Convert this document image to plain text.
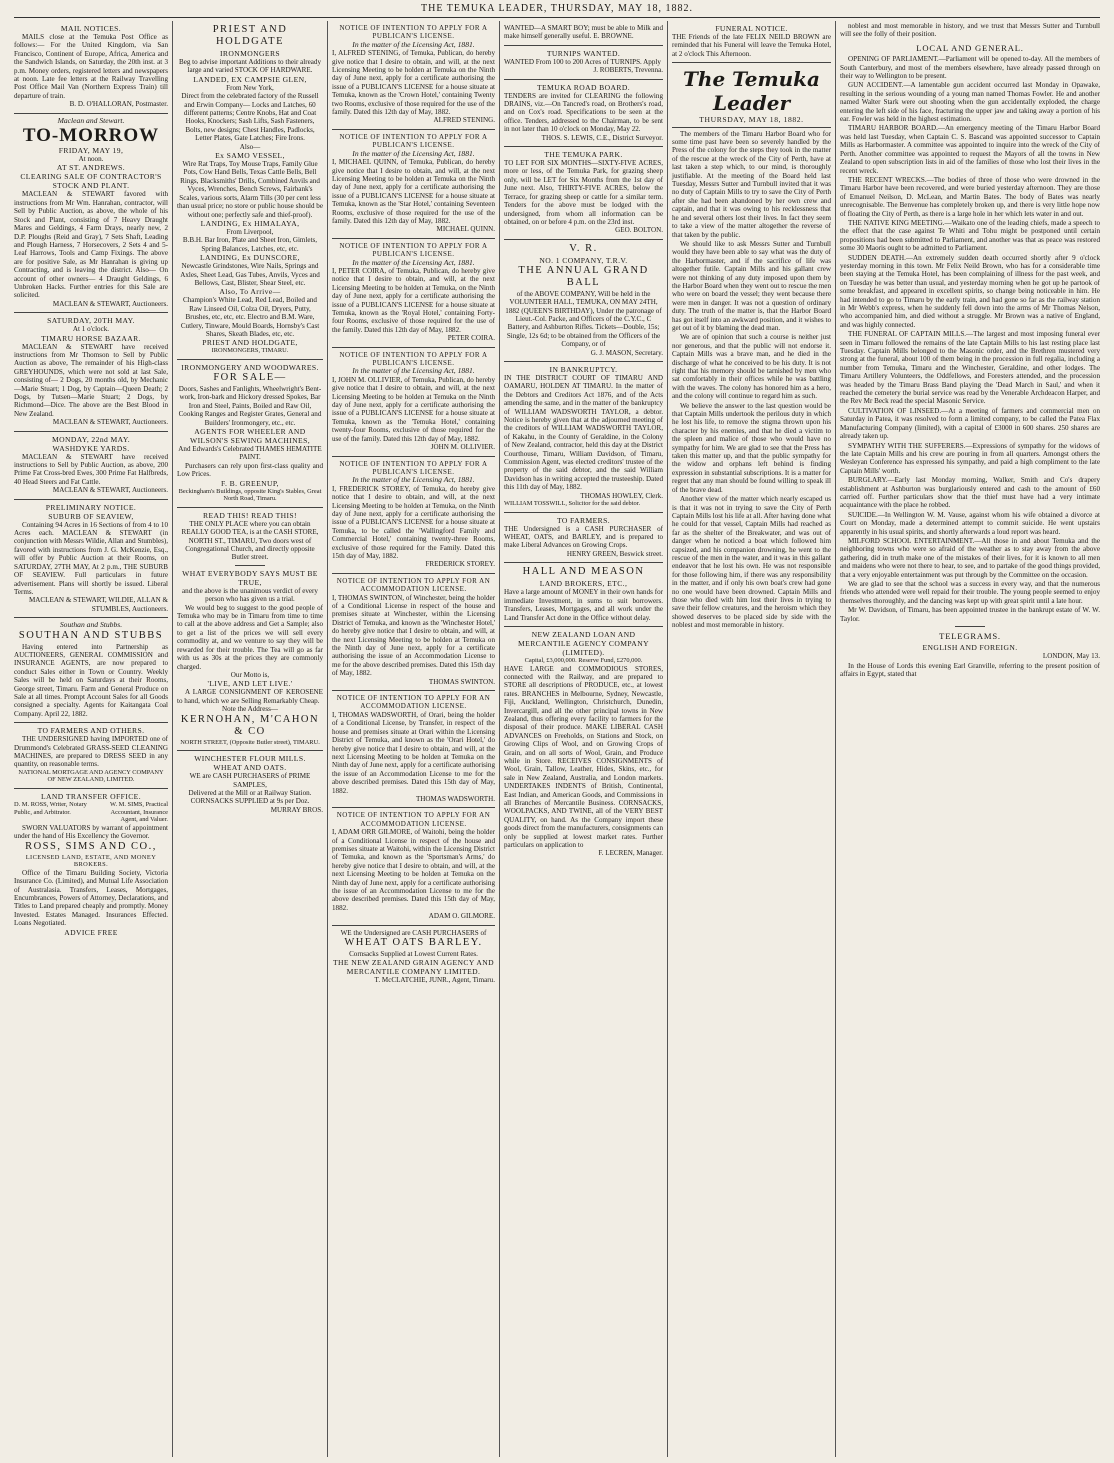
THE TEMUKA LEADER, THURSDAY, MAY 18, 1882.
MAIL NOTICES.
MAILS close at the Temuka Post Office as follows:— For the United Kingdom, via San Francisco, Continent of Europe, Africa, America and the Sandwich Islands, on Saturday, the 20th inst. at 3 p.m. Money orders, registered letters and newspapers at noon. Late fee letters at the Railway Travelling Post Office Mail Van (Northern Express Train) till departure of train.
B. D. O'HALLORAN, Postmaster.
Maclean and Stewart.
TO-MORROW
FRIDAY, MAY 19,
At noon.
AT ST. ANDREWS.
CLEARING SALE OF CONTRACTOR'S STOCK AND PLANT.
MACLEAN & STEWART favored with instructions from Mr Wm. Hanrahan, contractor, will Sell by Public Auction, as above, the whole of his Stock and Plant, consisting of 7 Heavy Draught Mares and Geldings, 4 Farm Drays, nearly new, 2 D.P. Ploughs (Reid and Gray), 7 Sets Shaft, Leading and Plough Harness, 7 Horsecovers, 2 Sets 4 and 5-Leaf Harrows, Tools and Camp Fixings. The above are for positive Sale, as Mr Hanrahan is giving up Contracting, and is leaving the district. Also— On account of other owners— 4 Draught Geldings, 6 Unbroken Hacks. Further entries for this Sale are solicited.
MACLEAN & STEWART, Auctioneers.
SATURDAY, 20TH MAY.
At 1 o'clock.
TIMARU HORSE BAZAAR.
MACLEAN & STEWART have received instructions from Mr Thomson to Sell by Public Auction as above, The remainder of his High-class GREYHOUNDS, which were not sold at last Sale, consisting of— 2 Dogs, 20 months old, by Mechanic—Marie Stuart; 1 Dog, by Captain—Queen Death; 2 Dogs, by Tutsen—Marie Stuart; 2 Dogs, by Richmond—Dice. The above are the Best Blood in New Zealand.
MACLEAN & STEWART, Auctioneers.
MONDAY, 22nd MAY.
WASHDYKE YARDS.
MACLEAN & STEWART have received instructions to Sell by Public Auction, as above, 200 Prime Fat Cross-bred Ewes, 300 Prime Fat Halfbreds, 40 Head Steers and Fat Cattle.
MACLEAN & STEWART, Auctioneers.
PRELIMINARY NOTICE.
SUBURB OF SEAVIEW,
Containing 94 Acres in 16 Sections of from 4 to 10 Acres each. MACLEAN & STEWART (in conjunction with Messrs Wildie, Allan and Stumbles), favored with instructions from J. G. McKenzie, Esq., will offer by Public Auction at their Rooms, on SATURDAY, 27TH MAY, At 2 p.m., THE SUBURB OF SEAVIEW. Full particulars in future advertisement. Plans will shortly be issued. Liberal Terms.
MACLEAN & STEWART, WILDIE, ALLAN & STUMBLES, Auctioneers.
Southan and Stubbs.
SOUTHAN AND STUBBS
Having entered into Partnership as AUCTIONEERS, GENERAL COMMISSION and INSURANCE AGENTS, are now prepared to conduct Sales either in Town or Country. Weekly Sales will be held on Saturdays at their Rooms, George street, Timaru. Farm and General Produce on Sale at all times. Prompt Account Sales for all Goods consigned a specialty. Agents for Kaitangata Coal Company. April 22, 1882.
TO FARMERS AND OTHERS.
THE UNDERSIGNED having IMPORTED one of Drummond's Celebrated GRASS-SEED CLEANING MACHINES, are prepared to DRESS SEED in any quantity, on reasonable terms.
NATIONAL MORTGAGE AND AGENCY COMPANY OF NEW ZEALAND, LIMITED.
LAND TRANSFER OFFICE.
D. M. ROSS, Writer, Notary Public, and Arbitrator.
W. M. SIMS, Practical Accountant, Insurance Agent, and Valuer.
SWORN VALUATORS by warrant of appointment under the hand of His Excellency the Governor.
ROSS, SIMS AND CO.,
LICENSED LAND, ESTATE, AND MONEY BROKERS.
Office of the Timaru Building Society, Victoria Insurance Co. (Limited), and Mutual Life Association of Australasia. Transfers, Leases, Mortgages, Encumbrances, Powers of Attorney, Declarations, and Titles to Land prepared cheaply and promptly. Money Invested. Estates Managed. Insurances Effected. Loans Negotiated.
ADVICE FREE
PRIEST AND HOLDGATE
IRONMONGERS
Beg to advise important Additions to their already large and varied STOCK OF HARDWARE.
LANDED, EX CAMPSIE GLEN,
From New York,
Direct from the celebrated factory of the Russell and Erwin Company— Locks and Latches, 60 different patterns; Centre Knobs, Hat and Coat Hooks, Knockers; Sash Lifts, Sash Fasteners, Bolts, new designs; Chest Handles, Padlocks, Letter Plates, Gate Latches; Fire Irons.
Also—
Ex SAMO VESSEL,
Wire Rat Traps, Toy Mouse Traps, Family Glue Pots, Cow Hand Bells, Texas Cattle Bells, Bell Rings, Blacksmiths' Drills, Combined Anvils and Vyces, Wrenches, Bench Screws, Fairbank's Scales, various sorts, Alarm Tills (30 per cent less than usual price; no store or public house should be without one; perfectly safe and thief-proof).
LANDING, Ex HIMALAYA,
From Liverpool,
B.B.H. Bar Iron, Plate and Sheet Iron, Gimlets, Spring Balances, Latches, etc, etc.
LANDING, Ex DUNSCORE,
Newcastle Grindstones, Wire Nails, Springs and Axles, Sheet Lead, Gas Tubes, Anvils, Vyces and Bellows, Cast, Blister, Shear Steel, etc.
Also, To Arrive—
Champion's White Lead, Red Lead, Boiled and Raw Linseed Oil, Colza Oil, Dryers, Putty, Brushes, etc, etc, etc. Electro and B.M. Ware, Cutlery, Tinware, Mould Boards, Hornsby's Cast Shares, Skeath Blades, etc, etc.
PRIEST AND HOLDGATE,
IRONMONGERS, TIMARU.
IRONMONGERY AND WOODWARES.
FOR SALE—
Doors, Sashes and Fanlights, Wheelwright's Bent-work, Iron-bark and Hickory dressed Spokes, Bar Iron and Steel, Paints, Boiled and Raw Oil, Cooking Ranges and Register Grates, General and Builders' Ironmongery, etc., etc.
AGENTS FOR WHEELER AND WILSON'S SEWING MACHINES,
And Edwards's Celebrated THAMES HEMATITE PAINT.
Purchasers can rely upon first-class quality and Low Prices.
F. B. GREENUP,
Beckingham's Buildings, opposite King's Stables, Great North Road, Timaru.
READ THIS! READ THIS!
THE ONLY PLACE where you can obtain REALLY GOOD TEA, is at the CASH STORE, NORTH ST., TIMARU, Two doors west of Congregational Church, and directly opposite Butler street.
WHAT EVERYBODY SAYS MUST BE TRUE,
and the above is the unanimous verdict of every person who has given us a trial.
We would beg to suggest to the good people of Temuka who may be in Timaru from time to time to call at the above address and Get a Sample; also to get a list of the prices we will sell every commodity at, and we venture to say they will be rewarded for their trouble. The Tea will go as far with us as 30s at the prices they are commonly charged.
Our Motto is,
'LIVE, AND LET LIVE.'
A LARGE CONSIGNMENT OF KEROSENE to hand, which we are Selling Remarkably Cheap.
Note the Address—
KERNOHAN, M'CAHON & CO
NORTH STREET, (Opposite Butler street), TIMARU.
WINCHESTER FLOUR MILLS.
WHEAT AND OATS.
WE are CASH PURCHASERS of PRIME SAMPLES,
Delivered at the Mill or at Railway Station.
CORNSACKS SUPPLIED at 9s per Doz.
MURRAY BROS.
NOTICE OF INTENTION TO APPLY FOR A PUBLICAN'S LICENSE.
In the matter of the Licensing Act, 1881.
I, ALFRED STENING, of Temuka, Publican, do hereby give notice that I desire to obtain, and will, at the next Licensing Meeting to be holden at Temuka on the Ninth day of June next, apply for a certificate authorising the issue of a PUBLICAN'S LICENSE for a house situate at Temuka, known as the 'Crown Hotel,' containing Twenty two Rooms, exclusive of those required for the use of the family. Dated this 12th day of May, 1882.
ALFRED STENING.
NOTICE OF INTENTION TO APPLY FOR A PUBLICAN'S LICENSE.
In the matter of the Licensing Act, 1881.
I, MICHAEL QUINN, of Temuka, Publican, do hereby give notice that I desire to obtain, and will, at the next Licensing Meeting to be holden at Temuka on the Ninth day of June next, apply for a certificate authorising the issue of a PUBLICAN'S LICENSE for a house situate at Temuka, known as the 'Star Hotel,' containing Seventeen Rooms, exclusive of those required for the use of the family. Dated this 12th day of May, 1882.
MICHAEL QUINN.
NOTICE OF INTENTION TO APPLY FOR A PUBLICAN'S LICENSE.
In the matter of the Licensing Act, 1881.
I, PETER COIRA, of Temuka, Publican, do hereby give notice that I desire to obtain, and will, at the next Licensing Meeting to be holden at Temuka, on the Ninth day of June next, apply for a certificate authorising the issue of a PUBLICAN'S LICENSE for a house situate at Temuka, known as the 'Royal Hotel,' containing Forty-four Rooms, exclusive of those required for the use of the family. Dated this 12th day of May, 1882.
PETER COIRA.
NOTICE OF INTENTION TO APPLY FOR A PUBLICAN'S LICENSE.
In the matter of the Licensing Act, 1881.
I, JOHN M. OLLIVIER, of Temuka, Publican, do hereby give notice that I desire to obtain, and will, at the next Licensing Meeting to be holden at Temuka on the Ninth day of June next, apply for a certificate authorising the issue of a PUBLICAN'S LICENSE for a house situate at Temuka, known as the 'Temuka Hotel,' containing twenty-four Rooms, exclusive of those required for the use of the family. Dated this 12th day of May, 1882.
JOHN M. OLLIVIER.
NOTICE OF INTENTION TO APPLY FOR A PUBLICAN'S LICENSE.
In the matter of the Licensing Act, 1881.
I, FREDERICK STOREY, of Temuka, do hereby give notice that I desire to obtain, and will, at the next Licensing Meeting to be holden at Temuka, on the Ninth day of June next, apply for a certificate authorising the issue of a PUBLICAN'S LICENSE for a house situate at Temuka, to be called the 'Wallingford Family and Commercial Hotel,' containing twenty-three Rooms, exclusive of those required for the Family. Dated this 15th day of May, 1882.
FREDERICK STOREY.
NOTICE OF INTENTION TO APPLY FOR AN ACCOMMODATION LICENSE.
I, THOMAS SWINTON, of Winchester, being the holder of a Conditional License in respect of the house and premises situate at Winchester, within the Licensing District of Temuka, and known as the 'Winchester Hotel,' do hereby give notice that I desire to obtain, and will, at the next Licensing Meeting to be holden at Temuka on the Ninth day of June next, apply for a certificate authorising the issue of an Accommodation License to me for the above described premises. Dated this 15th day of May, 1882.
THOMAS SWINTON.
NOTICE OF INTENTION TO APPLY FOR AN ACCOMMODATION LICENSE.
I, THOMAS WADSWORTH, of Orari, being the holder of a Conditional License, by Transfer, in respect of the house and premises situate at Orari within the Licensing District of Temuka, and known as the 'Orari Hotel,' do hereby give notice that I desire to obtain, and will, at the next Licensing Meeting to be holden at Temuka on the Ninth day of June next, apply for a certificate authorising the issue of an Accommodation License to me for the above described premises. Dated this 15th day of May, 1882.
THOMAS WADSWORTH.
NOTICE OF INTENTION TO APPLY FOR AN ACCOMMODATION LICENSE.
I, ADAM ORR GILMORE, of Waitohi, being the holder of a Conditional License in respect of the house and premises situate at Waitohi, within the Licensing District of Temuka, and known as the 'Sportsman's Arms,' do hereby give notice that I desire to obtain, and will, at the next Licensing Meeting to be holden at Temuka on the Ninth day of June next, apply for a certificate authorising the issue of an Accommodation License to me for the above described premises. Dated this 15th day of May, 1882.
ADAM O. GILMORE.
WE the Undersigned are CASH PURCHASERS of
WHEAT OATS BARLEY.
Cornsacks Supplied at Lowest Current Rates.
THE NEW ZEALAND GRAIN AGENCY AND MERCANTILE COMPANY LIMITED.
T. McCLATCHIE, JUNR., Agent, Timaru.
WANTED—A SMART BOY; must be able to Milk and make himself generally useful. E. BROWNE.
TURNIPS WANTED.
WANTED From 100 to 200 Acres of TURNIPS. Apply
J. ROBERTS, Trevenna.
TEMUKA ROAD BOARD.
TENDERS are invited for CLEARING the following DRAINS, viz.—On Tancred's road, on Brothers's road, and on Cox's road. Specifications to be seen at the office. Tenders, addressed to the Chairman, to be sent in not later than 10 o'clock on Monday, May 22.
THOS. S. LEWIS, C.E., District Surveyor.
THE TEMUKA PARK.
TO LET FOR SIX MONTHS—SIXTY-FIVE ACRES, more or less, of the Temuka Park, for grazing sheep only, will be LET for Six Months from the 1st day of June next. Also, THIRTY-FIVE ACRES, below the Terrace, for grazing sheep or cattle for a similar term. Tenders for the above must be lodged with the undersigned, from whom all information can be obtained, on or before 4 p.m. on the 23rd inst.
GEO. BOLTON.
V. R.
NO. 1 COMPANY, T.R.V.
THE ANNUAL GRAND BALL
of the ABOVE COMPANY, Will be held in the VOLUNTEER HALL, TEMUKA, ON MAY 24TH, 1882 (QUEEN'S BIRTHDAY), Under the patronage of Lieut.-Col. Packe, and Officers of the C.Y.C., C Battery, and Ashburton Rifles. Tickets—Double, 15s; Single, 12s 6d; to be obtained from the Officers of the Company, or of
G. J. MASON, Secretary.
IN BANKRUPTCY.
IN THE DISTRICT COURT OF TIMARU AND OAMARU, HOLDEN AT TIMARU. In the matter of the Debtors and Creditors Act 1876, and of the Acts amending the same, and in the matter of the bankruptcy of WILLIAM WADSWORTH TAYLOR, a debtor. Notice is hereby given that at the adjourned meeting of the creditors of WILLIAM WADSWORTH TAYLOR, of Kakahu, in the County of Geraldine, in the Colony of New Zealand, contractor, held this day at the District Courthouse, Timaru, William Davidson, of Timaru, Commission Agent, was elected creditors' trustee of the property of the said debtor, and the said William Davidson has in writing accepted the trusteeship. Dated this 11th day of May, 1882.
THOMAS HOWLEY, Clerk.
WILLIAM TOSSWILL, Solicitor for the said debtor.
TO FARMERS.
THE Undersigned is a CASH PURCHASER of WHEAT, OATS, and BARLEY, and is prepared to make Liberal Advances on Growing Crops.
HENRY GREEN, Beswick street.
HALL AND MEASON
LAND BROKERS, ETC.,
Have a large amount of MONEY in their own hands for immediate Investment, in sums to suit borrowers. Transfers, Leases, Mortgages, and all work under the Land Transfer Act done in the Office without delay.
NEW ZEALAND LOAN AND MERCANTILE AGENCY COMPANY (LIMITED).
Capital, £3,000,000. Reserve Fund, £270,000.
HAVE LARGE and COMMODIOUS STORES, connected with the Railway, and are prepared to STORE all descriptions of PRODUCE, etc., at lowest rates. BRANCHES in Melbourne, Sydney, Newcastle, Fiji, Auckland, Wellington, Christchurch, Dunedin, Invercargill, and all the other principal towns in New Zealand, thus offering every facility to farmers for the disposal of their produce. MAKE LIBERAL CASH ADVANCES on Freeholds, on Stations and Stock, on Growing Clips of Wool, and on Growing Crops of Grain, and on all sorts of Wool, Grain, and Produce while in Store. RECEIVES CONSIGNMENTS of Wool, Grain, Tallow, Leather, Hides, Skins, etc., for sale in New Zealand, Australia, and London markets. UNDERTAKES INDENTS of British, Continental, East Indian, and American Goods, and Commissions in all Branches of Mercantile Business. CORNSACKS, WOOLPACKS, AND TWINE, all of the VERY BEST QUALITY, on hand. As the Company import these goods direct from the manufacturers, consignments can only be supplied at lowest market rates. Further particulars on application to
F. LECREN, Manager.
FUNERAL NOTICE.
THE Friends of the late FELIX NEILD BROWN are reminded that his Funeral will leave the Temuka Hotel, at 2 o'clock This Afternoon.
The Temuka Leader
THURSDAY, MAY 18, 1882.
The members of the Timaru Harbor Board who for some time past have been so severely handled by the Press of the colony for the steps they took in the matter of the rescue at the wreck of the City of Perth, have at last taken a step which, to our mind, is thoroughly justifiable. At the meeting of the Board held last Tuesday, Messrs Sutter and Turnbull invited that it was no duty of Captain Mills to try to save the City of Perth after she had been abandoned by her own crew and captain, and that it was owing to his recklessness that he and several others lost their lives. In fact they seem to take a view of the matter altogether the reverse of that taken by the public.
We should like to ask Messrs Sutter and Turnbull would they have been able to say what was the duty of the Harbormaster, and if the sacrifice of life was altogether futile. Captain Mills and his gallant crew were not thinking of any duty imposed upon them by the Harbor Board when they went out to rescue the men who were on board the vessel; they went because there were men in danger. It was not a question of ordinary duty. The truth of the matter is, that the Harbor Board has got itself into an awkward position, and it wishes to get out of it by blaming the dead man.
We are of opinion that such a course is neither just nor generous, and that the public will not endorse it. Captain Mills was a brave man, and he died in the discharge of what he conceived to be his duty. It is not right that his memory should be tarnished by men who sat comfortably in their offices while he was battling with the waves. The colony has honored him as a hero, and the colony will continue to regard him as such.
We believe the answer to the last question would be that Captain Mills undertook the perilous duty in which he lost his life, to remove the stigma thrown upon his character by his enemies, and that he died a victim to the spleen and malice of those who would have no sympathy for him. We are glad to see that the Press has taken this matter up, and that the public sympathy for the widow and orphans left behind is finding expression in substantial subscriptions. It is a matter for regret that any man should be found willing to speak ill of the brave dead.
Another view of the matter which nearly escaped us is that it was not in trying to save the City of Perth Captain Mills lost his life at all. After having done what he could for that vessel, Captain Mills had reached as far as the shelter of the Breakwater, and was out of danger when he noticed a boat which followed him capsized, and his companion drowning, he went to the rescue of the men in the water, and it was in this gallant endeavor that he lost his own. He was not responsible for those following him, if there was any responsibility in the matter, and if only his own boat's crew had gone no one would have been drowned. Captain Mills and those who died with him lost their lives in trying to save their fellow creatures, and the heroism which they showed deserves to be placed side by side with the noblest and most memorable in history.
noblest and most memorable in history, and we trust that Messrs Sutter and Turnbull will see the folly of their position.
LOCAL AND GENERAL.
OPENING OF PARLIAMENT.—Parliament will be opened to-day. All the members of South Canterbury, and most of the members elsewhere, have already passed through on their way to Wellington to be present.
GUN ACCIDENT.—A lamentable gun accident occurred last Monday in Opawake, resulting in the serious wounding of a young man named Thomas Fowler. He and another named Walter Stark were out shooting when the gun accidentally exploded, the charge entering the left side of his face, fracturing the upper jaw and taking away a portion of his ear. Fowler was held in the highest estimation.
TIMARU HARBOR BOARD.—An emergency meeting of the Timaru Harbor Board was held last Tuesday, when Captain C. S. Bascand was appointed successor to Captain Mills as Harbormaster. A committee was appointed to inquire into the wreck of the City of Perth. Another committee was appointed to request the Mayors of all the towns in New Zealand to open subscription lists in aid of the families of those who lost their lives in the recent wreck.
THE RECENT WRECKS.—The bodies of three of those who were drowned in the Timaru Harbor have been recovered, and were buried yesterday afternoon. They are those of Emanuel Neilson, D. McLean, and Martin Bates. The body of Bates was nearly unrecognisable. The Benvenue has completely broken up, and there is very little hope now of floating the City of Perth, as there is a large hole in her which lets water in and out.
THE NATIVE KING MEETING.—Waikato one of the leading chiefs, made a speech to the effect that the case against Te Whiti and Tohu might be postponed until certain propositions had been submitted to Parliament, and another was that as peace was restored some 30 Maoris ought to be admitted to Parliament.
SUDDEN DEATH.—An extremely sudden death occurred shortly after 9 o'clock yesterday morning in this town. Mr Felix Neild Brown, who has for a considerable time been staying at the Temuka Hotel, has been complaining of illness for the past week, and on Tuesday he was better than usual, and yesterday morning when he got up he partook of some breakfast, and appeared in excellent spirits, so change being noticeable in him. He had intended to go to Timaru by the early train, and had gone so far as the railway station in Mr Webb's express, when he suddenly fell down into the arms of Mr Thomas Nelson, who accompanied him, and died without a struggle. Mr Brown was a native of England, and was highly connected.
THE FUNERAL OF CAPTAIN MILLS.—The largest and most imposing funeral ever seen in Timaru followed the remains of the late Captain Mills to his last resting place last Tuesday. Captain Mills belonged to the Masonic order, and the Brethren mustered very strong at the funeral, about 100 of them being in the procession in full regalia, including a number from Temuka, Timaru and the Winchester, Geraldine, and other lodges. The Timaru Artillery Volunteers, the Oddfellows, and Foresters attended, and the procession was headed by the Timaru Brass Band playing the 'Dead March in Saul,' and when it reached the cemetery the burial service was read by the Venerable Archdeacon Harper, and the Rev Mr Beck read the special Masonic Service.
CULTIVATION OF LINSEED.—At a meeting of farmers and commercial men on Saturday in Patea, it was resolved to form a limited company, to be called the Patea Flax Manufacturing Company (limited), with a capital of £3000 in 600 shares. 250 shares are already taken up.
SYMPATHY WITH THE SUFFERERS.—Expressions of sympathy for the widows of the late Captain Mills and his crew are pouring in from all quarters. Amongst others the Wesleyan Conference has expressed his sympathy, and paid a high compliment to the late Captain Mills' worth.
BURGLARY.—Early last Monday morning, Walker, Smith and Co's drapery establishment at Ashburton was burglariously entered and cash to the amount of £60 carried off. Further particulars show that the thief must have had a very intimate acquaintance with the place he robbed.
SUICIDE.—In Wellington W. M. Vause, against whom his wife obtained a divorce at Court on Monday, made a determined attempt to commit suicide. He went upstairs apparently in his usual spirits, and shortly afterwards a loud report was heard.
MILFORD SCHOOL ENTERTAINMENT.—All those in and about Temuka and the neighboring towns who were so afraid of the weather as to stay away from the above gathering, did in truth make one of the mistakes of their lives, for it is known to all men and maidens who were not there to hear, to see, and to partake of the good things provided, that a very enjoyable entertainment was put through by the Committee on the occasion.
We are glad to see that the school was a success in every way, and that the numerous friends who attended were well repaid for their trouble. The young people seemed to enjoy themselves thoroughly, and the dancing was kept up with great spirit until a late hour.
Mr W. Davidson, of Timaru, has been appointed trustee in the bankrupt estate of W. W. Taylor.
TELEGRAMS.
ENGLISH AND FOREIGN.
LONDON, May 13.
In the House of Lords this evening Earl Granville, referring to the present position of affairs in Egypt, stated that
